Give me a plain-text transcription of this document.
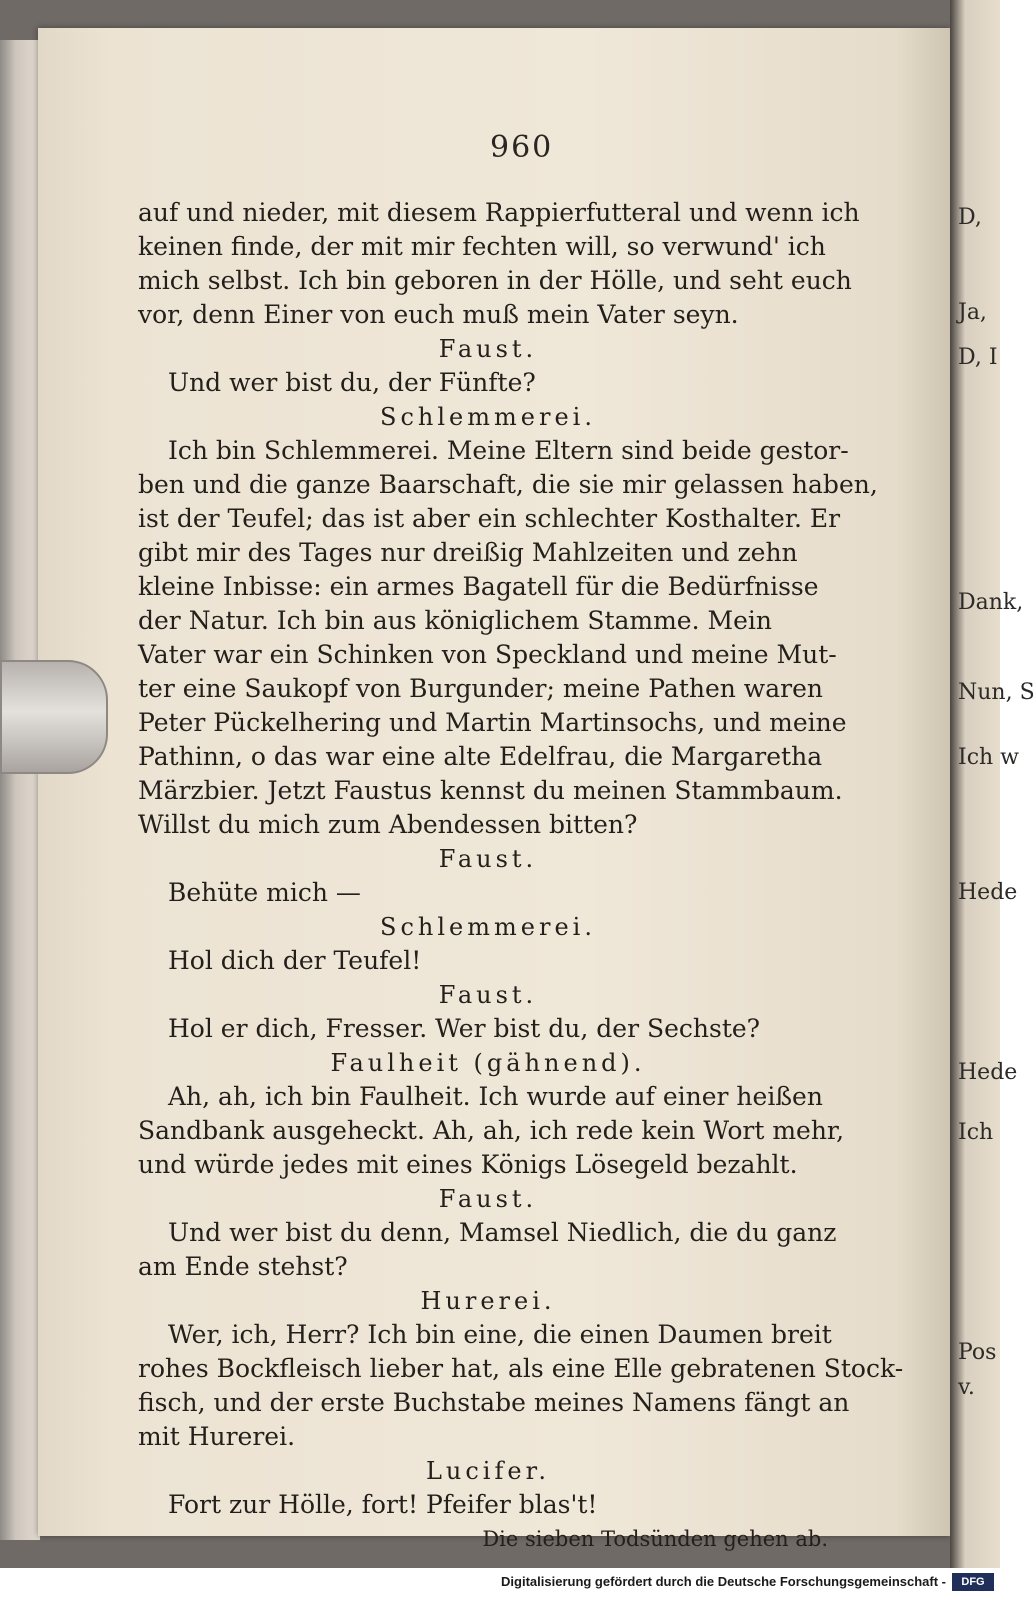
D,
Ja,
D, I
Dank,
Nun, S
Ich w
Hede
Hede
Ich
Pos
v.
960
auf und nieder, mit diesem Rappierfutteral und wenn ich
keinen finde, der mit mir fechten will, so verwund' ich
mich selbst. Ich bin geboren in der Hölle, und seht euch
vor, denn Einer von euch muß mein Vater seyn.
Faust.
Und wer bist du, der Fünfte?
Schlemmerei.
Ich bin Schlemmerei. Meine Eltern sind beide gestor-
ben und die ganze Baarschaft, die sie mir gelassen haben,
ist der Teufel; das ist aber ein schlechter Kosthalter. Er
gibt mir des Tages nur dreißig Mahlzeiten und zehn
kleine Inbisse: ein armes Bagatell für die Bedürfnisse
der Natur. Ich bin aus königlichem Stamme. Mein
Vater war ein Schinken von Speckland und meine Mut-
ter eine Saukopf von Burgunder; meine Pathen waren
Peter Pückelhering und Martin Martinsochs, und meine
Pathinn, o das war eine alte Edelfrau, die Margaretha
Märzbier. Jetzt Faustus kennst du meinen Stammbaum.
Willst du mich zum Abendessen bitten?
Faust.
Behüte mich —
Schlemmerei.
Hol dich der Teufel!
Faust.
Hol er dich, Fresser. Wer bist du, der Sechste?
Faulheit (gähnend).
Ah, ah, ich bin Faulheit. Ich wurde auf einer heißen
Sandbank ausgeheckt. Ah, ah, ich rede kein Wort mehr,
und würde jedes mit eines Königs Lösegeld bezahlt.
Faust.
Und wer bist du denn, Mamsel Niedlich, die du ganz
am Ende stehst?
Hurerei.
Wer, ich, Herr? Ich bin eine, die einen Daumen breit
rohes Bockfleisch lieber hat, als eine Elle gebratenen Stock-
fisch, und der erste Buchstabe meines Namens fängt an
mit Hurerei.
Lucifer.
Fort zur Hölle, fort! Pfeifer blas't!
Die sieben Todsünden gehen ab.
Digitalisierung gefördert durch die Deutsche Forschungsgemeinschaft -	DFG
